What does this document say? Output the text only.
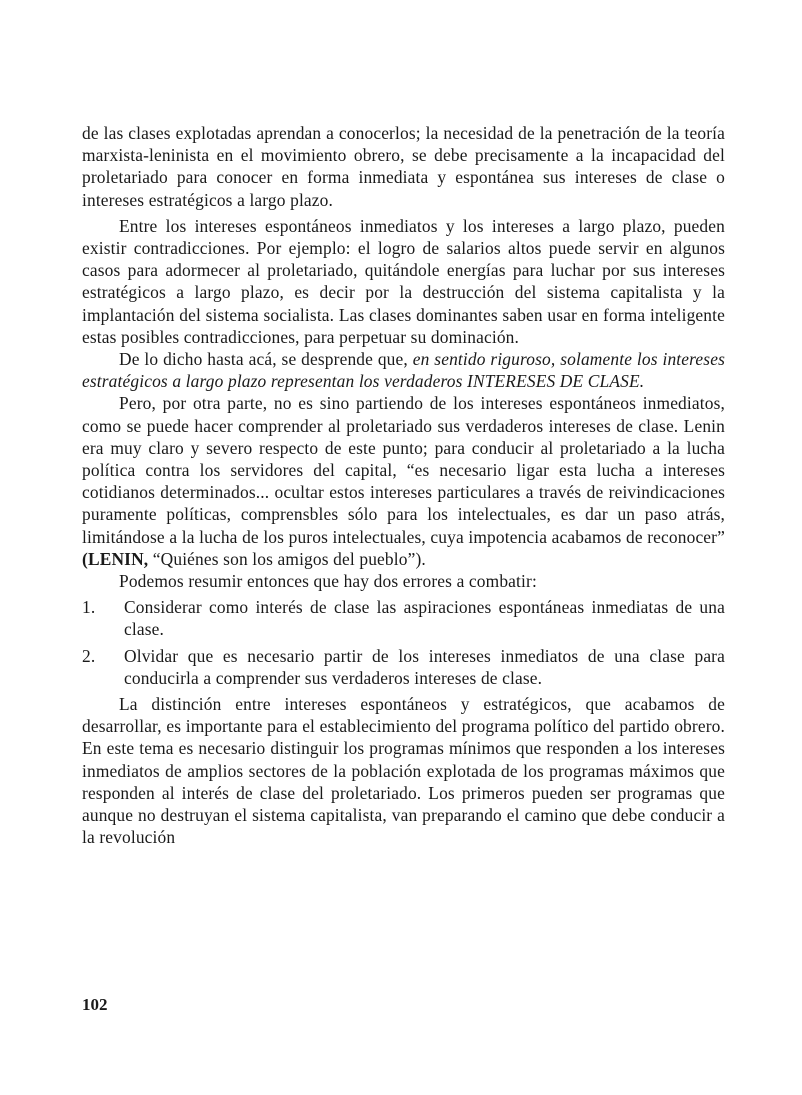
de las clases explotadas aprendan a conocerlos; la necesidad de la penetración de la teoría marxista-leninista en el movimiento obrero, se debe precisamente a la incapacidad del proletariado para conocer en forma inmediata y espontánea sus intereses de clase o intereses estratégicos a largo plazo.

Entre los intereses espontáneos inmediatos y los intereses a largo plazo, pueden existir contradicciones. Por ejemplo: el logro de salarios altos puede servir en algunos casos para adormecer al proletariado, quitándole energías para luchar por sus intereses estratégicos a largo plazo, es decir por la destrucción del sistema capitalista y la implantación del sistema socialista. Las clases dominantes saben usar en forma inteligente estas posibles contradicciones, para perpetuar su dominación.

De lo dicho hasta acá, se desprende que, en sentido riguroso, solamente los intereses estratégicos a largo plazo representan los verdaderos INTERESES DE CLASE.

Pero, por otra parte, no es sino partiendo de los intereses espontáneos inmediatos, como se puede hacer comprender al proletariado sus verdaderos intereses de clase. Lenin era muy claro y severo respecto de este punto; para conducir al proletariado a la lucha política contra los servidores del capital, “es necesario ligar esta lucha a intereses cotidianos determinados... ocultar estos intereses particulares a través de reivindicaciones puramente políticas, comprensbles sólo para los intelectuales, es dar un paso atrás, limitándose a la lucha de los puros intelectuales, cuya impotencia acabamos de reconocer” (LENIN, “Quiénes son los amigos del pueblo”).

Podemos resumir entonces que hay dos errores a combatir:

1.	Considerar como interés de clase las aspiraciones espontáneas inmediatas de una clase.
2.	Olvidar que es necesario partir de los intereses inmediatos de una clase para conducirla a comprender sus verdaderos intereses de clase.

La distinción entre intereses espontáneos y estratégicos, que acabamos de desarrollar, es importante para el establecimiento del programa político del partido obrero. En este tema es necesario distinguir los programas mínimos que responden a los intereses inmediatos de amplios sectores de la población explotada de los programas máximos que responden al interés de clase del proletariado. Los primeros pueden ser programas que aunque no destruyan el sistema capitalista, van preparando el camino que debe conducir a la revolución

102
